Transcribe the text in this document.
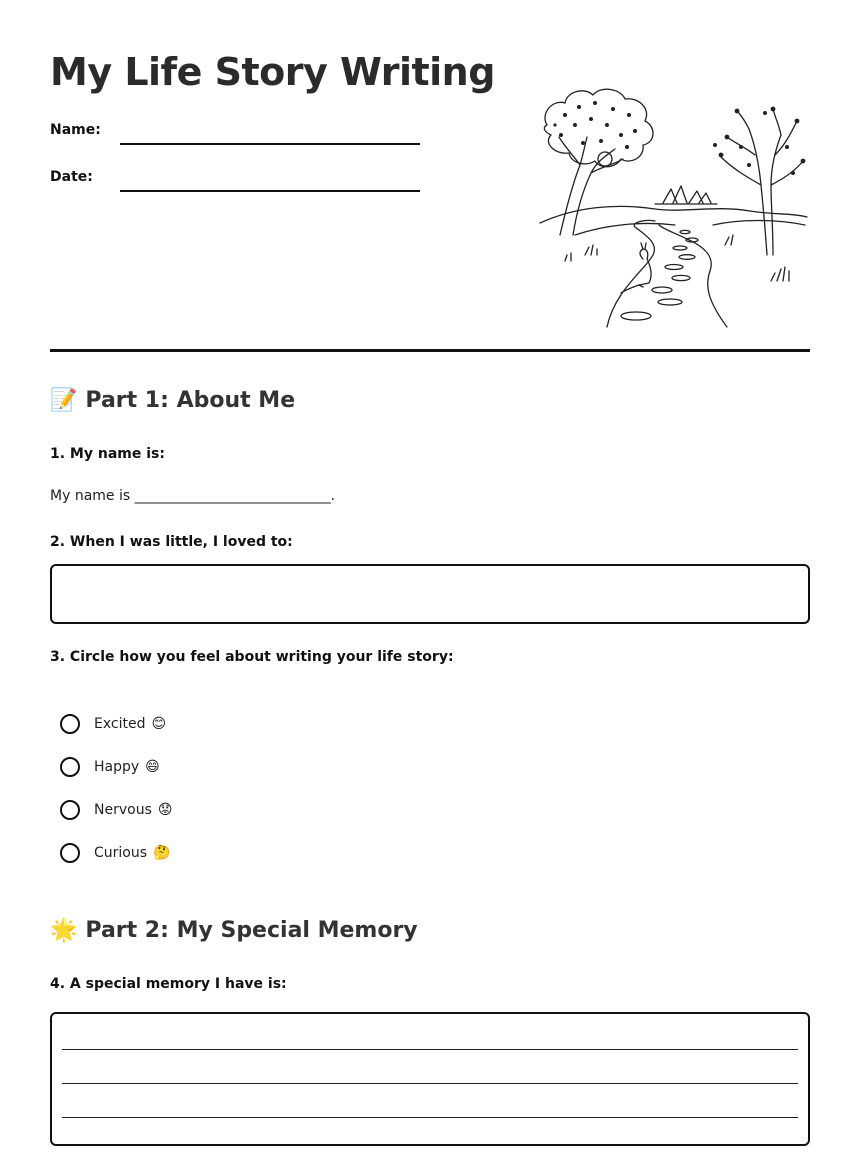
My Life Story Writing
Name:
Date:
📝 Part 1: About Me
1. My name is:
My name is ____________________________.
2. When I was little, I loved to:
3. Circle how you feel about writing your life story:
Excited 😊
Happy 😄
Nervous 😟
Curious 🤔
🌟 Part 2: My Special Memory
4. A special memory I have is:
